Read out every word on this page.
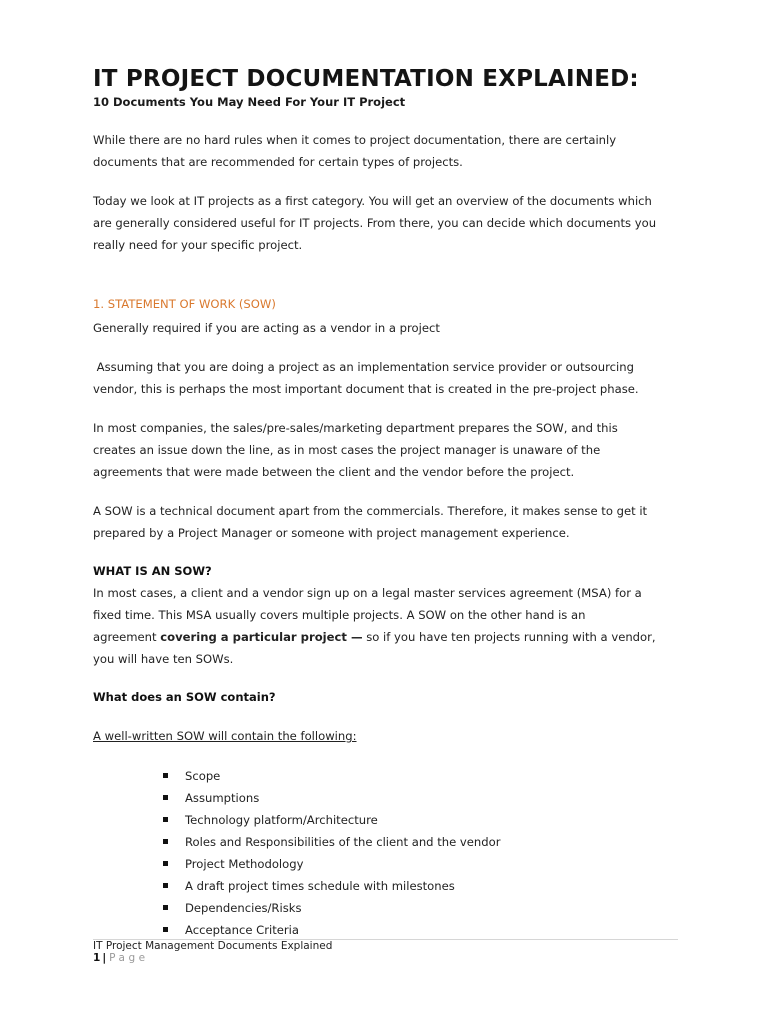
IT PROJECT DOCUMENTATION EXPLAINED:
10 Documents You May Need For Your IT Project
While there are no hard rules when it comes to project documentation, there are certainly
documents that are recommended for certain types of projects.
Today we look at IT projects as a first category. You will get an overview of the documents which
are generally considered useful for IT projects. From there, you can decide which documents you
really need for your specific project.
1. STATEMENT OF WORK (SOW)
Generally required if you are acting as a vendor in a project
Assuming that you are doing a project as an implementation service provider or outsourcing
vendor, this is perhaps the most important document that is created in the pre-project phase.
In most companies, the sales/pre-sales/marketing department prepares the SOW, and this
creates an issue down the line, as in most cases the project manager is unaware of the
agreements that were made between the client and the vendor before the project.
A SOW is a technical document apart from the commercials. Therefore, it makes sense to get it
prepared by a Project Manager or someone with project management experience.
WHAT IS AN SOW?
In most cases, a client and a vendor sign up on a legal master services agreement (MSA) for a
fixed time. This MSA usually covers multiple projects. A SOW on the other hand is an
agreement covering a particular project — so if you have ten projects running with a vendor,
you will have ten SOWs.
What does an SOW contain?
A well-written SOW will contain the following:
Scope
Assumptions
Technology platform/Architecture
Roles and Responsibilities of the client and the vendor
Project Methodology
A draft project times schedule with milestones
Dependencies/Risks
Acceptance Criteria
IT Project Management Documents Explained
1 | Page
